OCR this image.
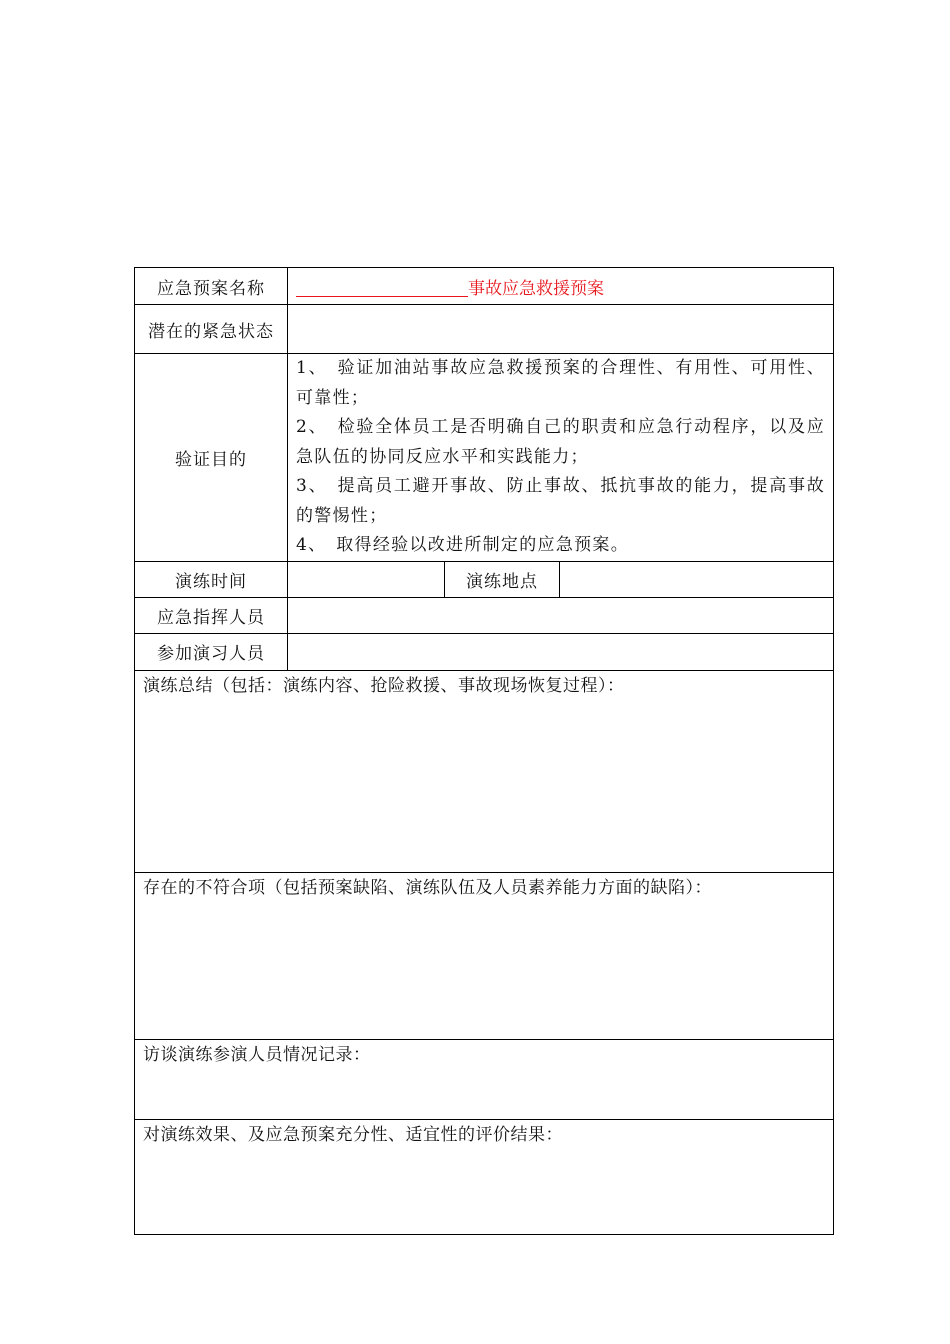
应急预案名称	事故应急救援预案		
潜在的紧急状态			
验证目的	1、　验证加油站事故应急救援预案的合理性、有用性、可用性、可靠性；

2、　检验全体员工是否明确自己的职责和应急行动程序，以及应急队伍的协同反应水平和实践能力；

3、　提高员工避开事故、防止事故、抵抗事故的能力，提高事故的警惕性；

4、　取得经验以改进所制定的应急预案。		

演练时间		演练地点	
应急指挥人员			
参加演习人员			
演练总结（包括：演练内容、抢险救援、事故现场恢复过程）：			
存在的不符合项（包括预案缺陷、演练队伍及人员素养能力方面的缺陷）：			
访谈演练参演人员情况记录：			
对演练效果、及应急预案充分性、适宜性的评价结果：			
